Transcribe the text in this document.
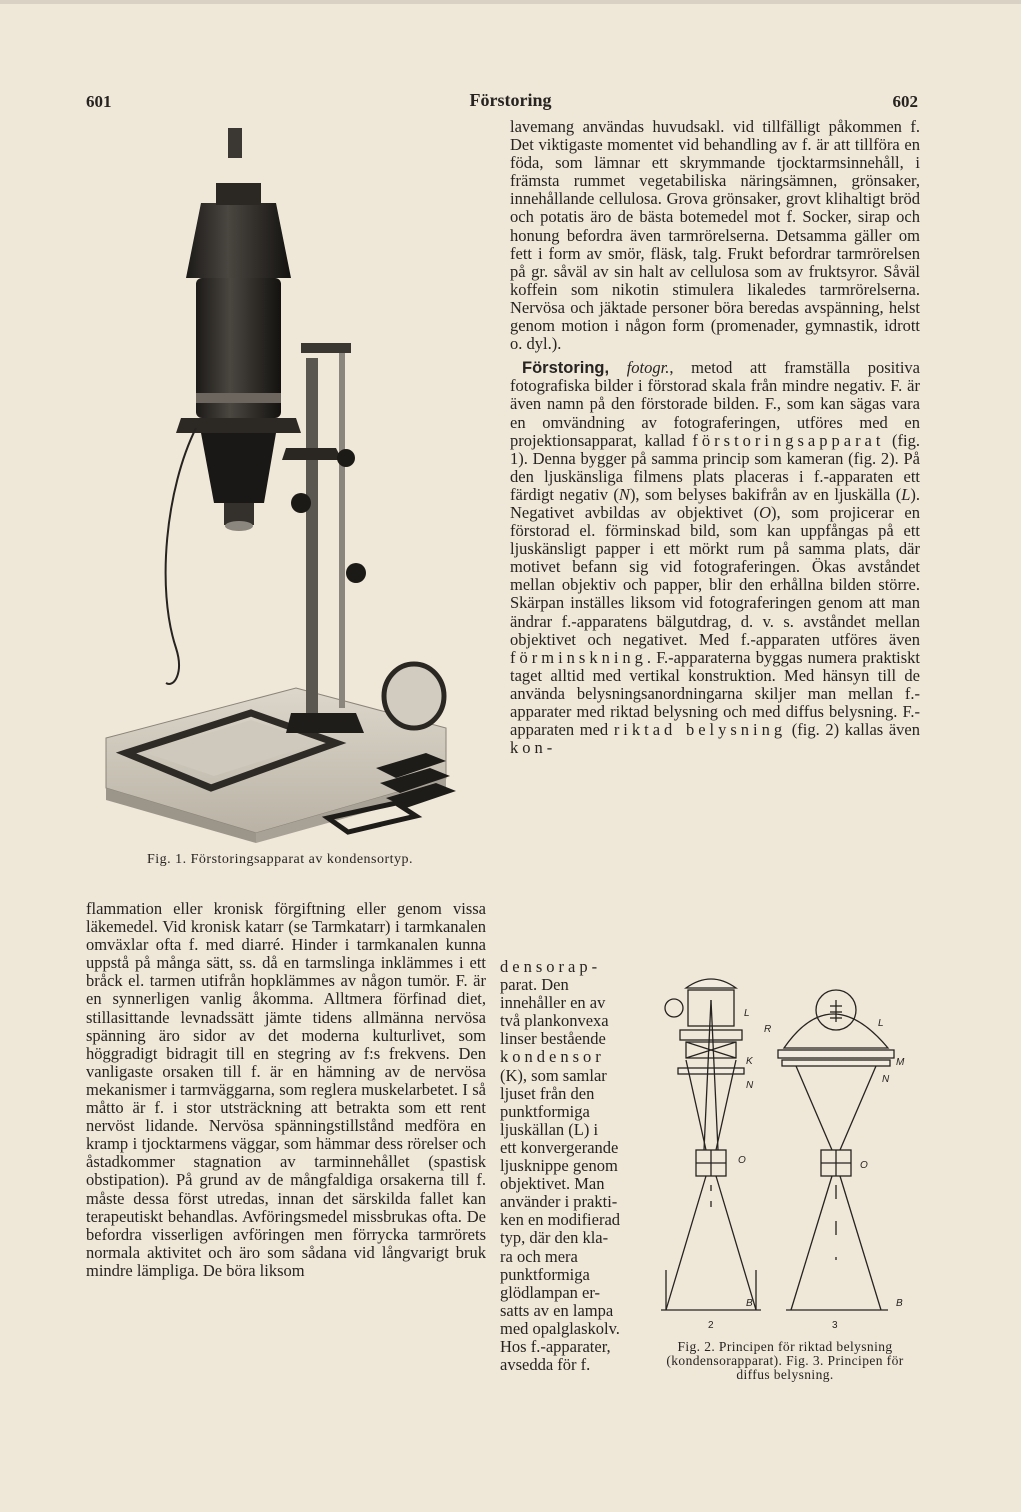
601	Förstoring	602
Fig. 1. Förstoringsapparat av kondensortyp.

lavemang användas huvudsakl. vid tillfälligt påkommen f. Det viktigaste momentet vid behandling av f. är att tillföra en föda, som lämnar ett skrymmande tjocktarmsinnehåll, i främsta rummet vegetabiliska näringsämnen, grönsaker, innehållande cellulosa. Grova grönsaker, grovt klihaltigt bröd och potatis äro de bästa botemedel mot f. Socker, sirap och honung befordra även tarmrörelserna. Detsamma gäller om fett i form av smör, fläsk, talg. Frukt befordrar tarmrörelsen på gr. såväl av sin halt av cellulosa som av fruktsyror. Såväl koffein som nikotin stimulera likaledes tarmrörelserna. Nervösa och jäktade personer böra beredas avspänning, helst genom motion i någon form (promenader, gymnastik, idrott o. dyl.).

Förstoring, fotogr., metod att framställa positiva fotografiska bilder i förstorad skala från mindre negativ. F. är även namn på den förstorade bilden. F., som kan sägas vara en omvändning av fotograferingen, utföres med en projektionsapparat, kallad förstoringsapparat (fig. 1). Denna bygger på samma princip som kameran (fig. 2). På den ljuskänsliga filmens plats placeras i f.-apparaten ett färdigt negativ (N), som belyses bakifrån av en ljuskälla (L). Negativet avbildas av objektivet (O), som projicerar en förstorad el. förminskad bild, som kan uppfångas på ett ljuskänsligt papper i ett mörkt rum på samma plats, där motivet befann sig vid fotograferingen. Ökas avståndet mellan objektiv och papper, blir den erhållna bilden större. Skärpan inställes liksom vid fotograferingen genom att man ändrar f.-apparatens bälgutdrag, d. v. s. avståndet mellan objektivet och negativet. Med f.-apparaten utföres även förminskning. F.-apparaterna byggas numera praktiskt taget alltid med vertikal konstruktion. Med hänsyn till de använda belysningsanordningarna skiljer man mellan f.-apparater med riktad belysning och med diffus belysning. F.-apparaten med riktad belysning (fig. 2) kallas även kon-

densorap-
parat. Den
innehåller en av
två plankonvexa
linser bestående
kondensor
(K), som samlar
ljuset från den
punktformiga
ljuskällan (L) i
ett konvergerande
ljusknippe genom
objektivet. Man
använder i prakti-
ken en modifierad
typ, där den kla-
ra och mera
punktformiga
glödlampan er-
satts av en lampa
med opalglaskolv.
Hos f.-apparater,
avsedda för f.
L
K
N
O
B
2
R
L
M
N
O
B
3
Fig. 2. Principen för riktad belysning (kondensorapparat). Fig. 3. Principen för diffus belysning.

flammation eller kronisk förgiftning eller genom vissa läkemedel. Vid kronisk katarr (se Tarmkatarr) i tarmkanalen omväxlar ofta f. med diarré. Hinder i tarmkanalen kunna uppstå på många sätt, ss. då en tarmslinga inklämmes i ett bråck el. tarmen utifrån hopklämmes av någon tumör. F. är en synnerligen vanlig åkomma. Alltmera förfinad diet, stillasittande levnadssätt jämte tidens allmänna nervösa spänning äro sidor av det moderna kulturlivet, som höggradigt bidragit till en stegring av f:s frekvens. Den vanligaste orsaken till f. är en hämning av de nervösa mekanismer i tarmväggarna, som reglera muskelarbetet. I så måtto är f. i stor utsträckning att betrakta som ett rent nervöst lidande. Nervösa spänningstillstånd medföra en kramp i tjocktarmens väggar, som hämmar dess rörelser och åstadkommer stagnation av tarminnehållet (spastisk obstipation). På grund av de mångfaldiga orsakerna till f. måste dessa först utredas, innan det särskilda fallet kan terapeutiskt behandlas. Avföringsmedel missbrukas ofta. De befordra visserligen avföringen men förrycka tarmrörets normala aktivitet och äro som sådana vid långvarigt bruk mindre lämpliga. De böra liksom
